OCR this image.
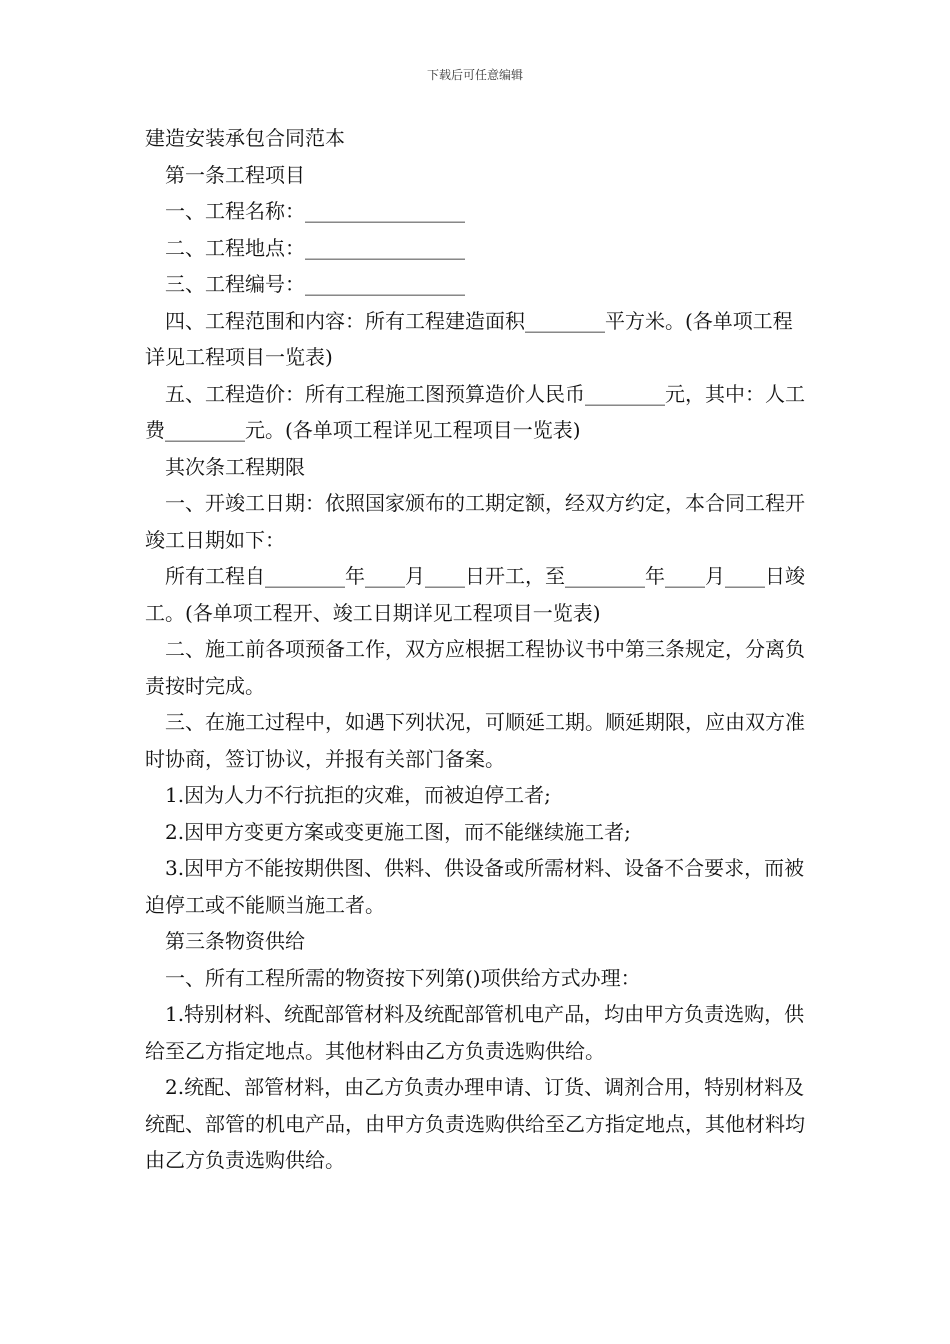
下载后可任意编辑

建造安装承包合同范本

第一条工程项目

一、工程名称：________________

二、工程地点：________________

三、工程编号：________________

四、工程范围和内容：所有工程建造面积________平方米。(各单项工程详见工程项目一览表)

五、工程造价：所有工程施工图预算造价人民币________元，其中：人工费________元。(各单项工程详见工程项目一览表)

其次条工程期限

一、开竣工日期：依照国家颁布的工期定额，经双方约定，本合同工程开竣工日期如下：

所有工程自________年____月____日开工，至________年____月____日竣工。(各单项工程开、竣工日期详见工程项目一览表)

二、施工前各项预备工作，双方应根据工程协议书中第三条规定，分离负责按时完成。

三、在施工过程中，如遇下列状况，可顺延工期。顺延期限，应由双方准时协商，签订协议，并报有关部门备案。

1.因为人力不行抗拒的灾难，而被迫停工者;

2.因甲方变更方案或变更施工图，而不能继续施工者;

3.因甲方不能按期供图、供料、供设备或所需材料、设备不合要求，而被迫停工或不能顺当施工者。

第三条物资供给

一、所有工程所需的物资按下列第()项供给方式办理：

1.特别材料、统配部管材料及统配部管机电产品，均由甲方负责选购，供给至乙方指定地点。其他材料由乙方负责选购供给。

2.统配、部管材料，由乙方负责办理申请、订货、调剂合用，特别材料及统配、部管的机电产品，由甲方负责选购供给至乙方指定地点，其他材料均由乙方负责选购供给。
